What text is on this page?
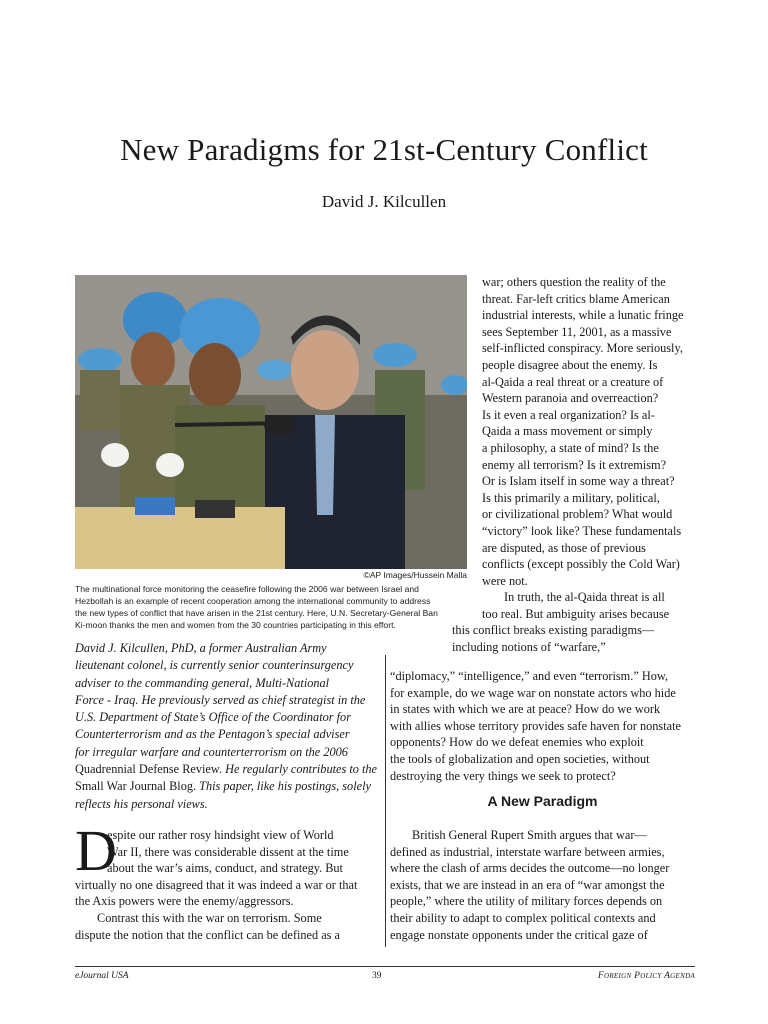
New Paradigms for 21st-Century Conflict
David J. Kilcullen
©AP Images/Hussein Malla
The multinational force monitoring the ceasefire following the 2006 war between Israel and
Hezbollah is an example of recent cooperation among the international community to address
the new types of conflict that have arisen in the 21st century. Here, U.N. Secretary-General Ban
Ki-moon thanks the men and women from the 30 countries participating in this effort.
David J. Kilcullen, PhD, a former Australian Army
lieutenant colonel, is currently senior counterinsurgency
adviser to the commanding general, Multi-National
Force - Iraq. He previously served as chief strategist in the
U.S. Department of State’s Office of the Coordinator for
Counterterrorism and as the Pentagon’s special adviser
for irregular warfare and counterterrorism on the 2006
Quadrennial Defense Review. He regularly contributes to the
Small War Journal Blog. This paper, like his postings, solely
reflects his personal views.
war; others question the reality of the
threat. Far-left critics blame American
industrial interests, while a lunatic fringe
sees September 11, 2001, as a massive
self-inflicted conspiracy. More seriously,
people disagree about the enemy. Is
al-Qaida a real threat or a creature of
Western paranoia and overreaction?
Is it even a real organization? Is al-
Qaida a mass movement or simply
a philosophy, a state of mind? Is the
enemy all terrorism? Is it extremism?
Or is Islam itself in some way a threat?
Is this primarily a military, political,
or civilizational problem? What would
“victory” look like? These fundamentals
are disputed, as those of previous
conflicts (except possibly the Cold War)
were not.
In truth, the al-Qaida threat is all
too real. But ambiguity arises because
this conflict breaks existing paradigms—
including notions of “warfare,”
“diplomacy,” “intelligence,” and even “terrorism.” How,
for example, do we wage war on nonstate actors who hide
in states with which we are at peace? How do we work
with allies whose territory provides safe haven for nonstate
opponents? How do we defeat enemies who exploit
the tools of globalization and open societies, without
destroying the very things we seek to protect?
A New Paradigm
D
espite our rather rosy hindsight view of World
War II, there was considerable dissent at the time
about the war’s aims, conduct, and strategy. But
virtually no one disagreed that it was indeed a war or that
the Axis powers were the enemy/aggressors.
Contrast this with the war on terrorism. Some
dispute the notion that the conflict can be defined as a
British General Rupert Smith argues that war—
defined as industrial, interstate warfare between armies,
where the clash of arms decides the outcome—no longer
exists, that we are instead in an era of “war amongst the
people,” where the utility of military forces depends on
their ability to adapt to complex political contexts and
engage nonstate opponents under the critical gaze of
eJournal USA	39	Foreign Policy Agenda
